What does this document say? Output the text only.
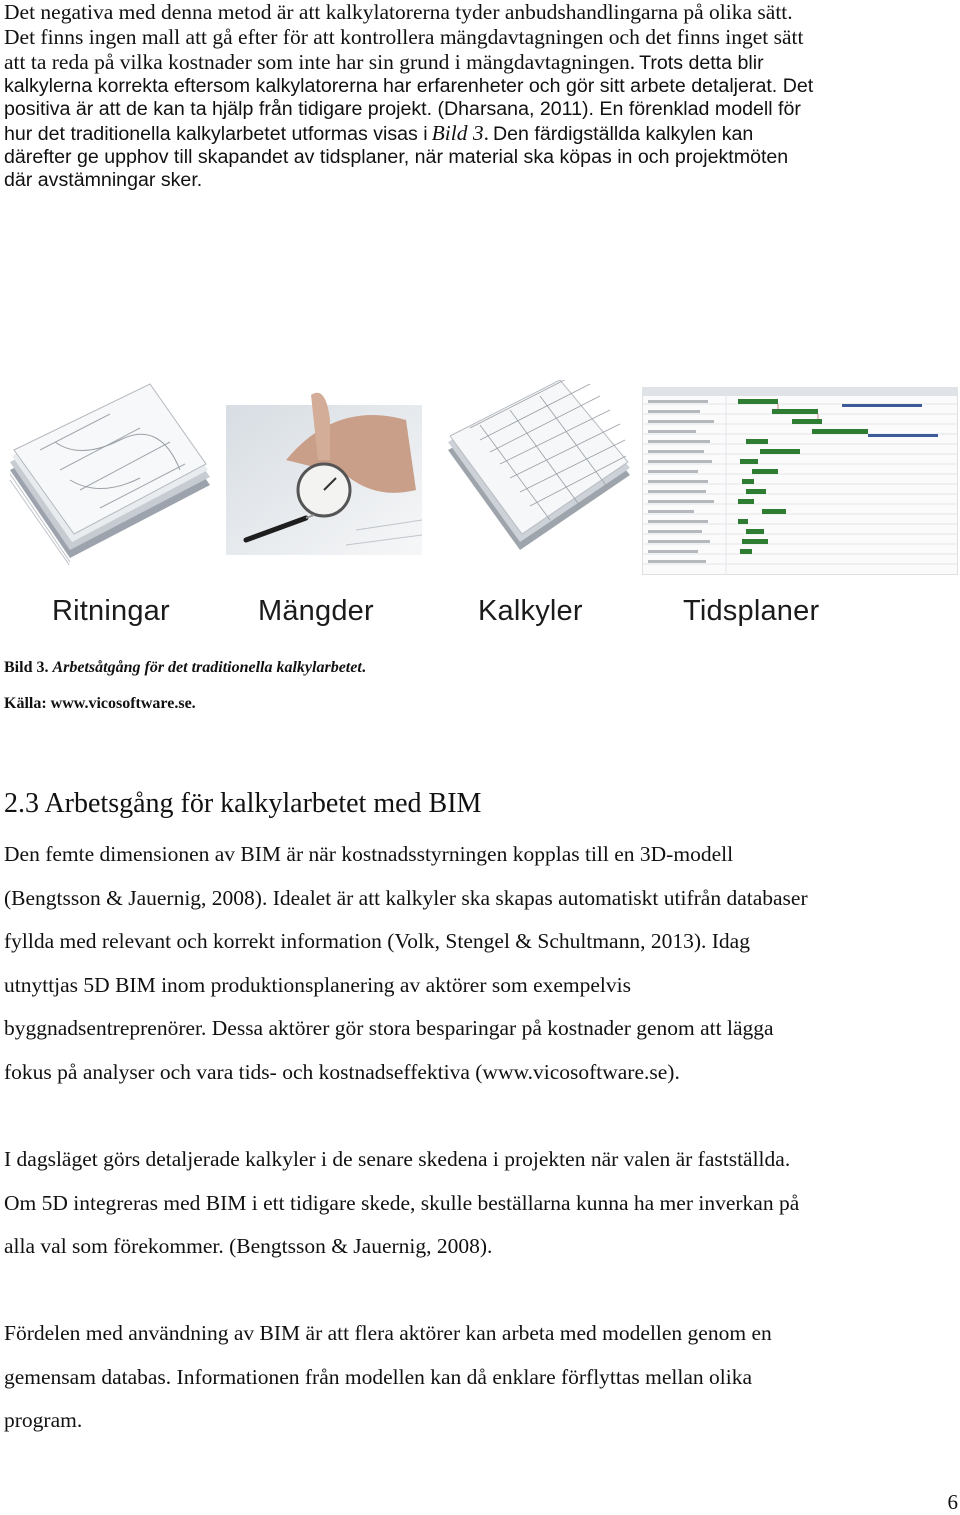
Det negativa med denna metod är att kalkylatorerna tyder anbudshandlingarna på olika sätt.
Det finns ingen mall att gå efter för att kontrollera mängdavtagningen och det finns inget sätt
att ta reda på vilka kostnader som inte har sin grund i mängdavtagningen. Trots detta blir
kalkylerna korrekta eftersom kalkylatorerna har erfarenheter och gör sitt arbete detaljerat. Det
positiva är att de kan ta hjälp från tidigare projekt. (Dharsana, 2011). En förenklad modell för
hur det traditionella kalkylarbetet utformas visas i Bild 3. Den färdigställda kalkylen kan
därefter ge upphov till skapandet av tidsplaner, när material ska köpas in och projektmöten
där avstämningar sker.
Ritningar	Mängder	Kalkyler	Tidsplaner
Bild 3. Arbetsåtgång för det traditionella kalkylarbetet.
Källa: www.vicosoftware.se.
2.3 Arbetsgång för kalkylarbetet med BIM
Den femte dimensionen av BIM är när kostnadsstyrningen kopplas till en 3D-modell
(Bengtsson & Jauernig, 2008). Idealet är att kalkyler ska skapas automatiskt utifrån databaser
fyllda med relevant och korrekt information (Volk, Stengel & Schultmann, 2013). Idag
utnyttjas 5D BIM inom produktionsplanering av aktörer som exempelvis
byggnadsentreprenörer. Dessa aktörer gör stora besparingar på kostnader genom att lägga
fokus på analyser och vara tids- och kostnadseffektiva (www.vicosoftware.se).
I dagsläget görs detaljerade kalkyler i de senare skedena i projekten när valen är fastställda.
Om 5D integreras med BIM i ett tidigare skede, skulle beställarna kunna ha mer inverkan på
alla val som förekommer. (Bengtsson & Jauernig, 2008).
Fördelen med användning av BIM är att flera aktörer kan arbeta med modellen genom en
gemensam databas. Informationen från modellen kan då enklare förflyttas mellan olika
program.
6
